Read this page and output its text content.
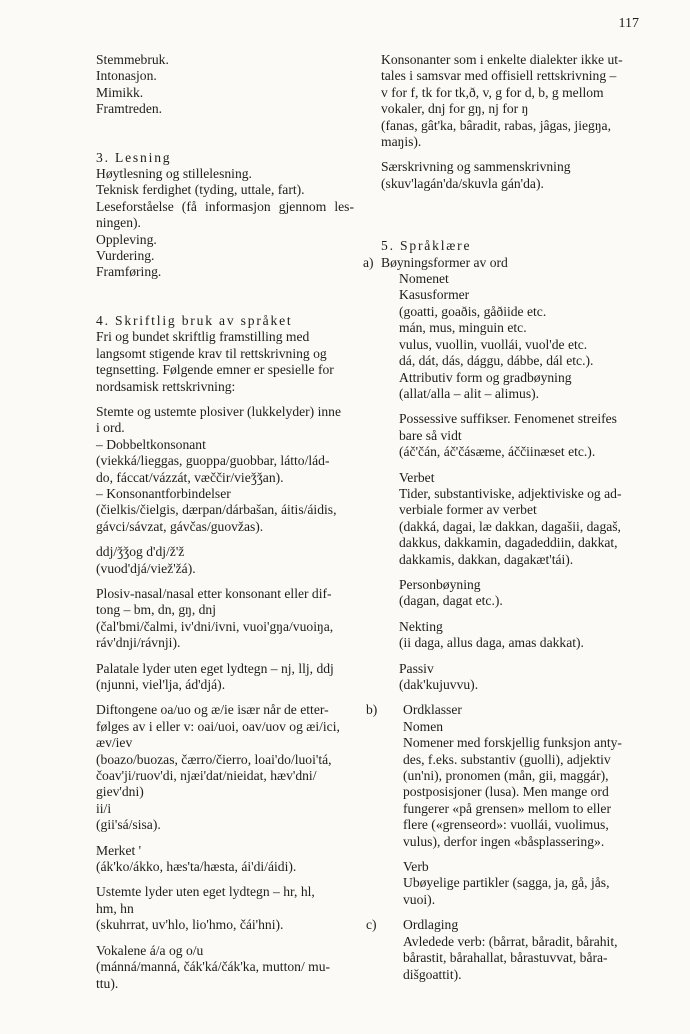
117

Stemmebruk.

Intonasjon.

Mimikk.

Framtreden.

3. Lesning

Høytlesning og stillelesning.

Teknisk ferdighet (tyding, uttale, fart).

Leseforståelse (få informasjon gjennom les-

ningen).

Oppleving.

Vurdering.

Framføring.

4. Skriftlig bruk av språket

Fri og bundet skriftlig framstilling med

langsomt stigende krav til rettskrivning og

tegnsetting. Følgende emner er spesielle for

nordsamisk rettskrivning:

Stemte og ustemte plosiver (lukkelyder) inne

i ord.

– Dobbeltkonsonant

(viekká/lieggas, guoppa/guobbar, látto/lád-

do, fáccat/vázzát, væččir/vieǯǯan).

– Konsonantforbindelser

(čielkis/čielgis, dærpan/dárbašan, áitis/áidis,

gávci/sávzat, gávčas/guovžas).

ddj/ǯǯog d'dj/ž'ž

(vuod'djá/viež'žá).

Plosiv-nasal/nasal etter konsonant eller dif-

tong – bm, dn, gŋ, dnj

(čal'bmi/čalmi, iv'dni/ivni, vuoi'gŋa/vuoiŋa,

ráv'dnji/rávnji).

Palatale lyder uten eget lydtegn – nj, llj, ddj

(njunni, viel'lja, ád'djá).

Diftongene oa/uo og æ/ie især når de etter-

følges av i eller v: oai/uoi, oav/uov og æi/ici,

æv/iev

(boazo/buozas, čærro/čierro, loai'do/luoi'tá,

čoav'ji/ruov'di, njæi'dat/nieidat, hæv'dni/

giev'dni)

ii/i

(gii'sá/sisa).

Merket '

(ák'ko/ákko, hæs'ta/hæsta, ái'di/áidi).

Ustemte lyder uten eget lydtegn – hr, hl,

hm, hn

(skuhrrat, uv'hlo, lio'hmo, čái'hni).

Vokalene á/a og o/u

(mánná/manná, čák'ká/čák'ka, mutton/ mu-

ttu).

Konsonanter som i enkelte dialekter ikke ut-

tales i samsvar med offisiell rettskrivning –

v for f, tk for tk,ð, v, g for d, b, g mellom

vokaler, dnj for gŋ, nj for ŋ

(fanas, gât'ka, bâradit, rabas, jâgas, jiegŋa,

maŋis).

Særskrivning og sammenskrivning

(skuv'lagán'da/skuvla gán'da).

5. Språklære

a) Bøyningsformer av ord

Nomenet

Kasusformer

(goatti, goaðis, gåðiide etc.

mán, mus, minguin etc.

vulus, vuollin, vuollái, vuol'de etc.

dá, dát, dás, dággu, dábbe, dál etc.).

Attributiv form og gradbøyning

(allat/alla – alit – alimus).

Possessive suffikser. Fenomenet streifes

bare så vidt

(áč'čán, áč'čásæme, áččiinæset etc.).

Verbet

Tider, substantiviske, adjektiviske og ad-

verbiale former av verbet

(dakká, dagai, læ dakkan, dagašii, dagaš,

dakkus, dakkamin, dagadeddiin, dakkat,

dakkamis, dakkan, dagakæt'tái).

Personbøyning

(dagan, dagat etc.).

Nekting

(ii daga, allus daga, amas dakkat).

Passiv

(dak'kujuvvu).

b) Ordklasser

Nomen

Nomener med forskjellig funksjon anty-

des, f.eks. substantiv (guolli), adjektiv

(un'ni), pronomen (mån, gii, maggár),

postposisjoner (lusa). Men mange ord

fungerer «på grensen» mellom to eller

flere («grenseord»: vuollái, vuolimus,

vulus), derfor ingen «båsplassering».

Verb

Ubøyelige partikler (sagga, ja, gå, jås,

vuoi).

c) Ordlaging

Avledede verb: (bårrat, båradit, bårahit,

bårastit, bårahallat, bårastuvvat, båra-

dišgoattit).
